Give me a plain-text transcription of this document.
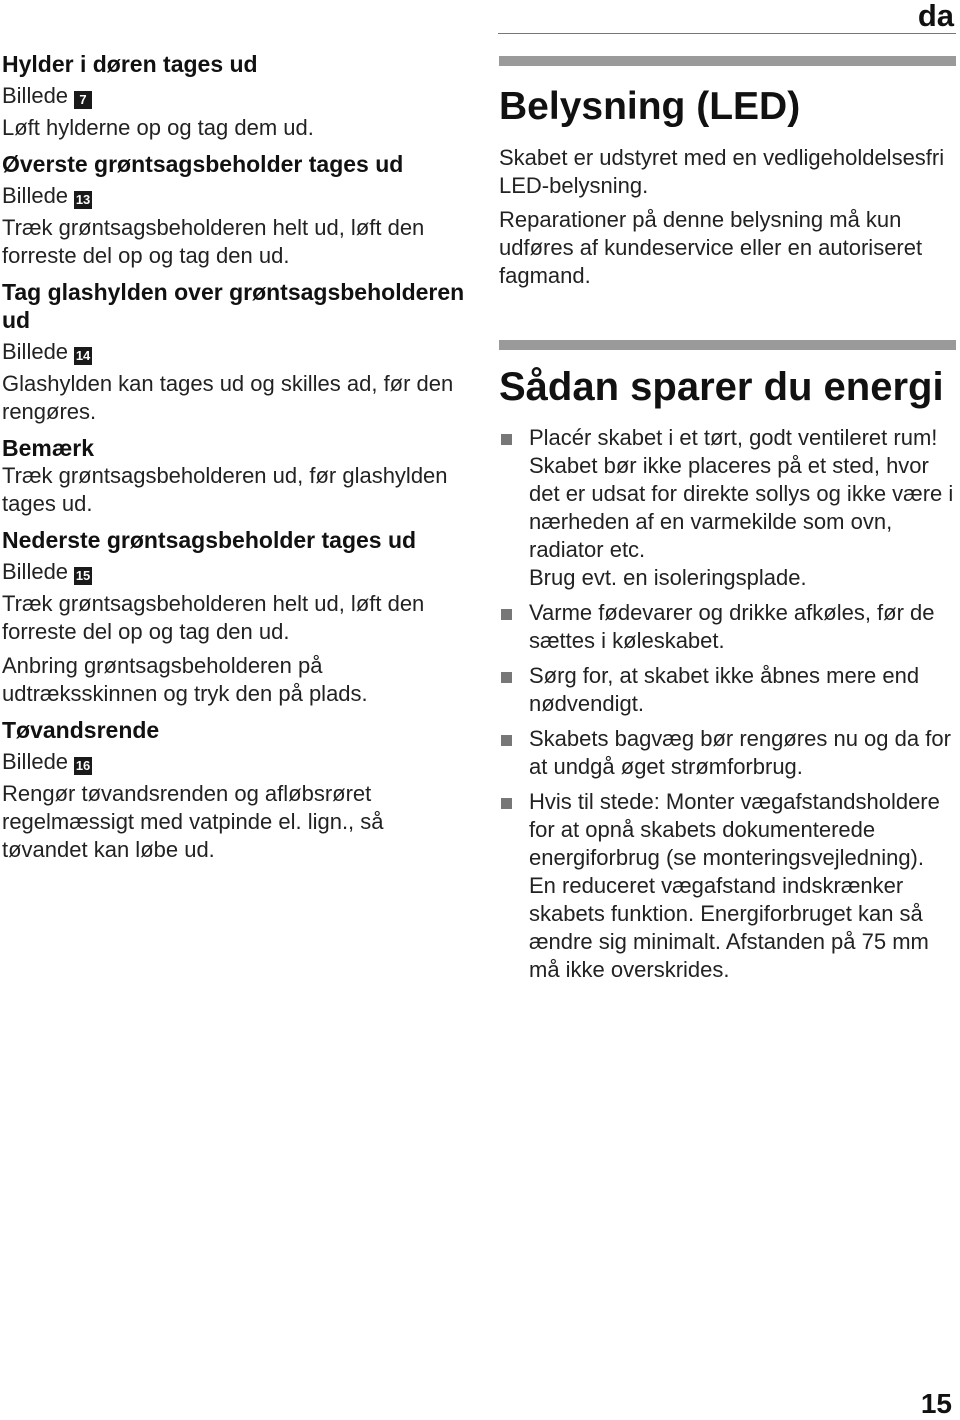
da

Hylder i døren tages ud

Billede 7

Løft hylderne op og tag dem ud.

Øverste grøntsagsbeholder tages ud

Billede 13

Træk grøntsagsbeholderen helt ud, løft den forreste del op og tag den ud.

Tag glashylden over grøntsagsbeholderen ud

Billede 14

Glashylden kan tages ud og skilles ad, før den rengøres.

Bemærk

Træk grøntsagsbeholderen ud, før glashylden tages ud.

Nederste grøntsagsbeholder tages ud

Billede 15

Træk grøntsagsbeholderen helt ud, løft den forreste del op og tag den ud.

Anbring grøntsagsbeholderen på udtræksskinnen og tryk den på plads.

Tøvandsrende

Billede 16

Rengør tøvandsrenden og afløbsrøret regelmæssigt med vatpinde el. lign., så tøvandet kan løbe ud.

Belysning (LED)

Skabet er udstyret med en vedligeholdelsesfri LED-belysning.

Reparationer på denne belysning må kun udføres af kundeservice eller en autoriseret fagmand.

Sådan sparer du energi

Placér skabet i et tørt, godt ventileret rum! Skabet bør ikke placeres på et sted, hvor det er udsat for direkte sollys og ikke være i nærheden af en varmekilde som ovn, radiator etc.

Brug evt. en isoleringsplade.

Varme fødevarer og drikke afkøles, før de sættes i køleskabet.

Sørg for, at skabet ikke åbnes mere end nødvendigt.

Skabets bagvæg bør rengøres nu og da for at undgå øget strømforbrug.

Hvis til stede: Monter vægafstandsholdere for at opnå skabets dokumenterede energiforbrug (se monteringsvejledning). En reduceret vægafstand indskrænker skabets funktion. Energiforbruget kan så ændre sig minimalt. Afstanden på 75 mm må ikke overskrides.

15
